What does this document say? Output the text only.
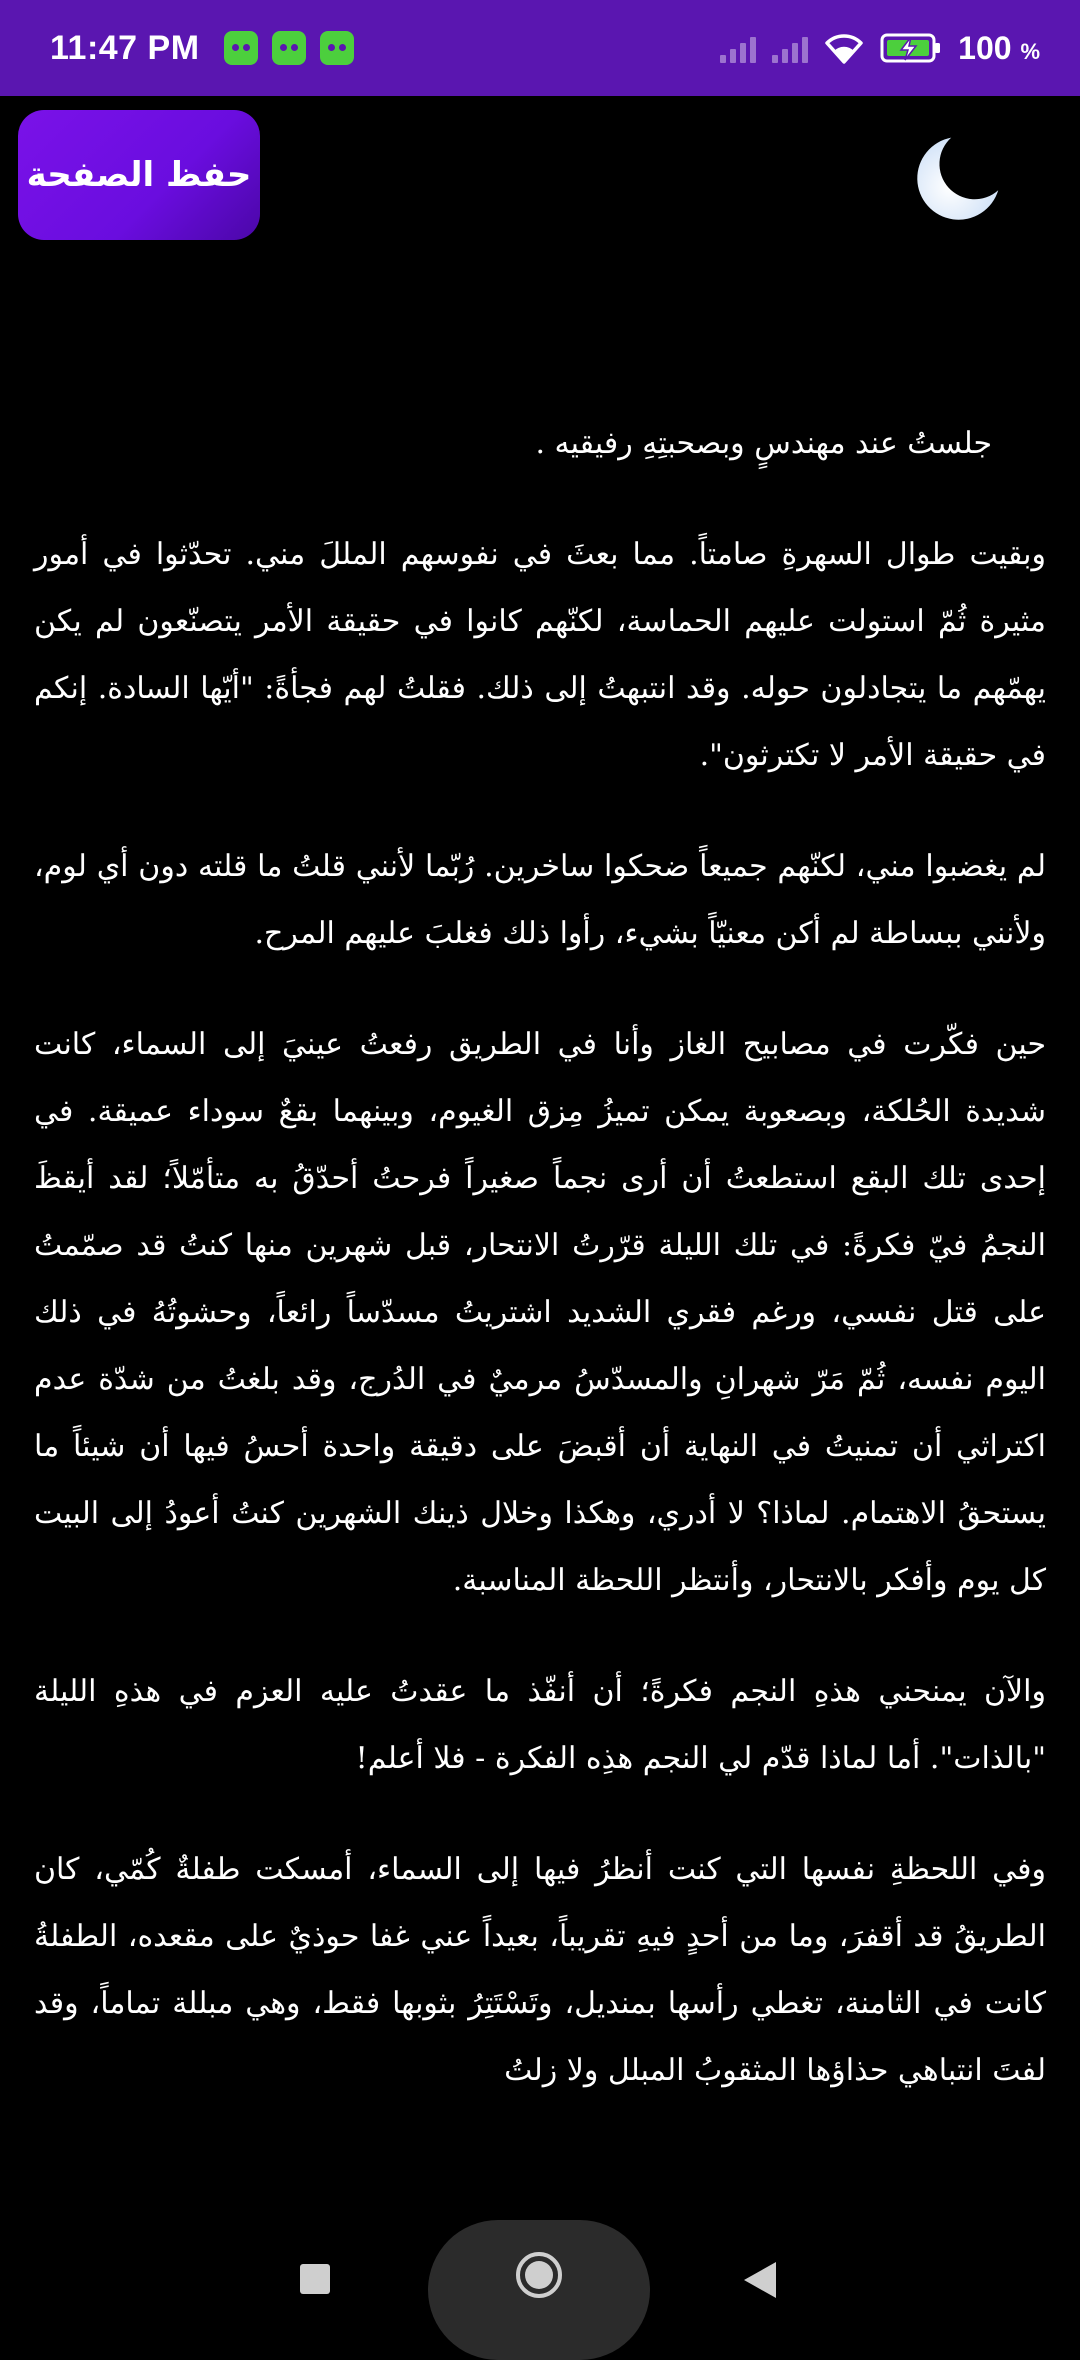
11:47 PM	100 %
حفظ الصفحة

جلستُ عند مهندسٍ وبصحبتِهِ رفيقيه .

وبقيت طوال السهرةِ صامتاً. مما بعثَ في نفوسهم المللَ مني. تحدّثوا في أمور مثيرة ثُمّ استولت عليهم الحماسة، لكنّهم كانوا في حقيقة الأمر يتصنّعون لم يكن يهمّهم ما يتجادلون حوله. وقد انتبهتُ إلى ذلك. فقلتُ لهم فجأةً: "أيّها السادة. إنكم في حقيقة الأمر لا تكترثون".

لم يغضبوا مني، لكنّهم جميعاً ضحكوا ساخرين. رُبّما لأنني قلتُ ما قلته دون أي لوم، ولأنني ببساطة لم أكن معنيّاً بشيء، رأوا ذلك فغلبَ عليهم المرح.

حين فكّرت في مصابيح الغاز وأنا في الطريق رفعتُ عينيَ إلى السماء، كانت شديدة الحُلكة، وبصعوبة يمكن تميزُ مِزق الغيوم، وبينهما بقعٌ سوداء عميقة. في إحدى تلك البقع استطعتُ أن أرى نجماً صغيراً فرحتُ أحدّقُ به متأمّلاً؛ لقد أيقظَ النجمُ فيّ فكرةً: في تلك الليلة قرّرتُ الانتحار، قبل شهرين منها كنتُ قد صمّمتُ على قتل نفسي، ورغم فقري الشديد اشتريتُ مسدّساً رائعاً، وحشوتُهُ في ذلك اليوم نفسه، ثُمّ مَرّ شهرانِ والمسدّسُ مرميٌ في الدُرج، وقد بلغتُ من شدّة عدم اكتراثي أن تمنيتُ في النهاية أن أقبضَ على دقيقة واحدة أحسُ فيها أن شيئاً ما يستحقُ الاهتمام. لماذا؟ لا أدري، وهكذا وخلال ذينك الشهرين كنتُ أعودُ إلى البيت كل يوم وأفكر بالانتحار، وأنتظر اللحظة المناسبة.

والآن يمنحني هذهِ النجم فكرةً؛ أن أنفّذ ما عقدتُ عليه العزم في هذهِ الليلة "بالذات". أما لماذا قدّم لي النجم هذِه الفكرة - فلا أعلم!

وفي اللحظةِ نفسها التي كنت أنظرُ فيها إلى السماء، أمسكت طفلةٌ كُمّي، كان الطريقُ قد أقفرَ، وما من أحدٍ فيهِ تقريباً، بعيداً عني غفا حوذيٌ على مقعده، الطفلةُ كانت في الثامنة، تغطي رأسها بمنديل، وتَسْتَتِرُ بثوبها فقط، وهي مبللة تماماً، وقد لفتَ انتباهي حذاؤها المثقوبُ المبلل ولا زلتُ
